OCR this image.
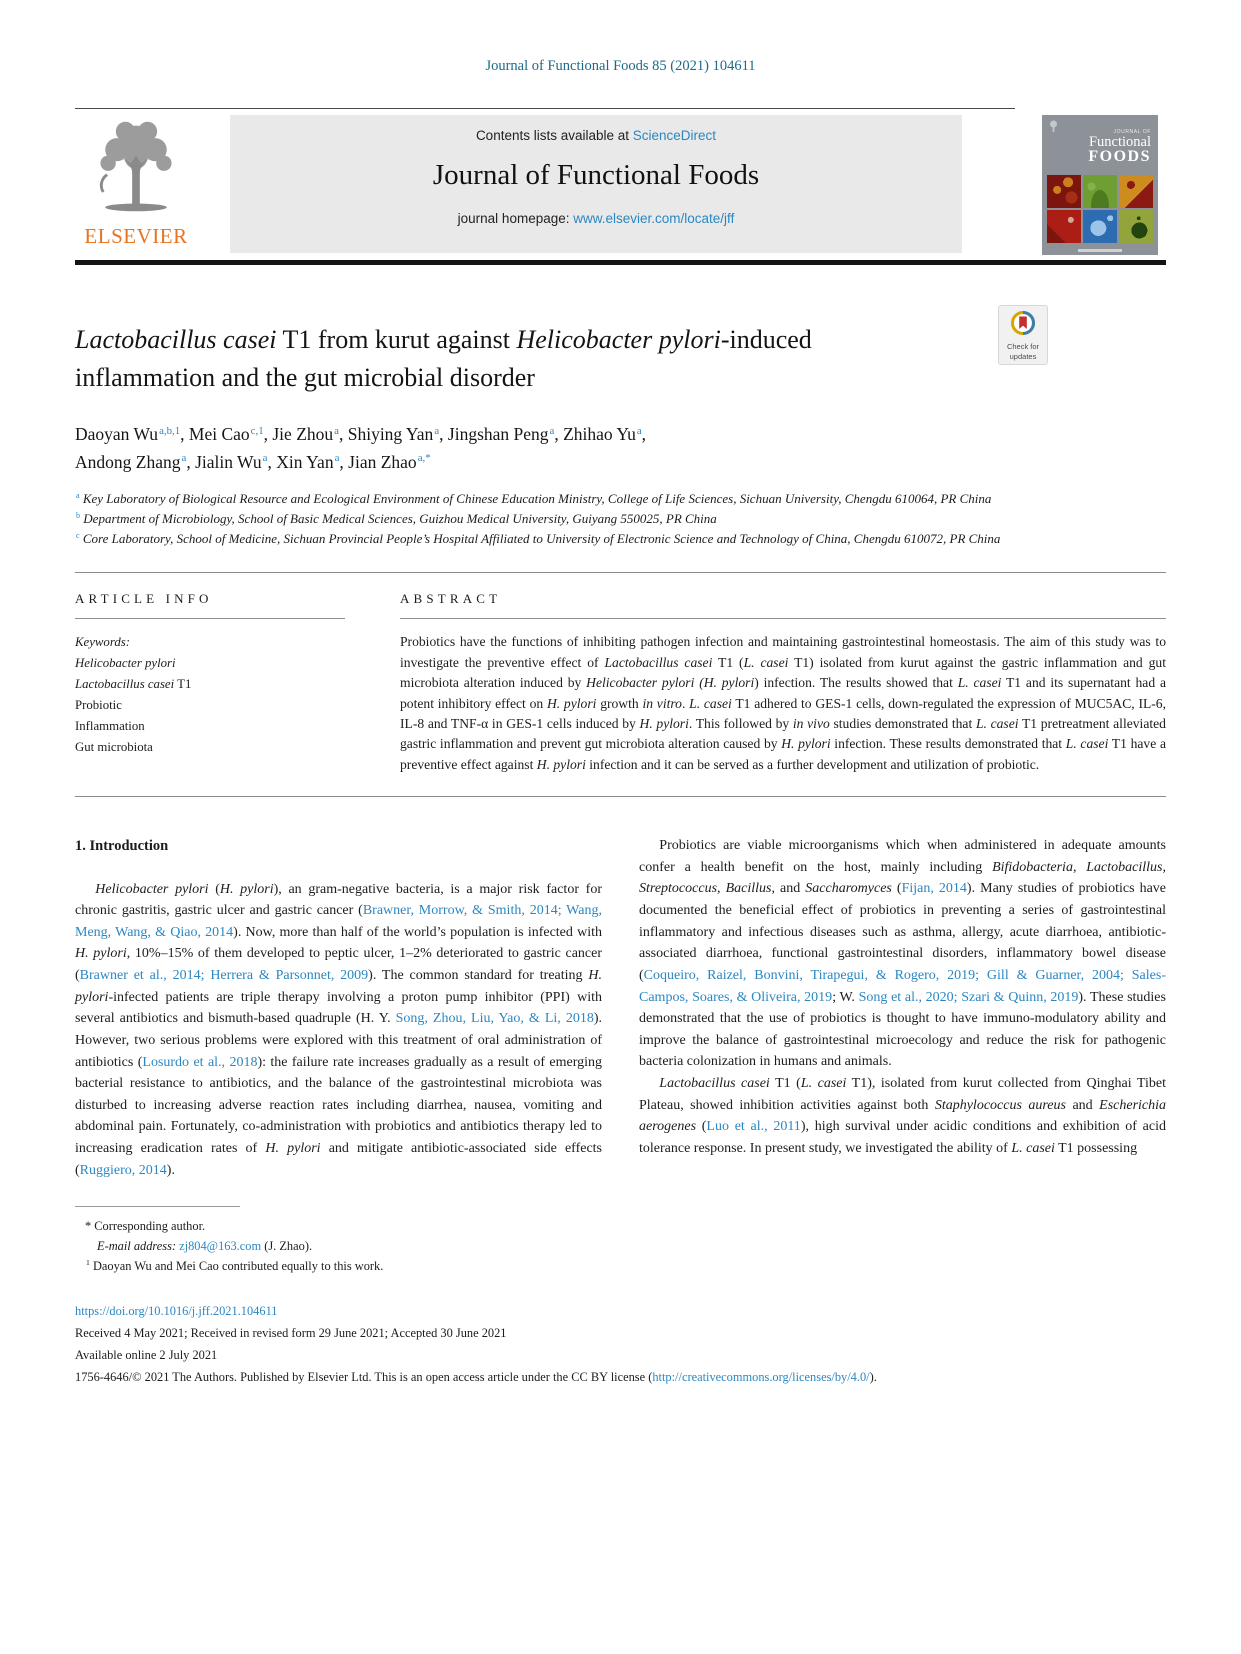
Journal of Functional Foods 85 (2021) 104611
ELSEVIER
Contents lists available at ScienceDirect
Journal of Functional Foods
journal homepage: www.elsevier.com/locate/jff
JOURNAL OF
Functional
FOODS
Lactobacillus casei T1 from kurut against Helicobacter pylori-induced inflammation and the gut microbial disorder
Check for
updates
Daoyan Wu$^{a,b,1}$, Mei Cao$^{c,1}$, Jie Zhou$^a$, Shiying Yan$^a$, Jingshan Peng$^a$, Zhihao Yu$^a$,
Andong Zhang$^a$, Jialin Wu$^a$, Xin Yan$^a$, Jian Zhao$^{a,*}$
$^a$ Key Laboratory of Biological Resource and Ecological Environment of Chinese Education Ministry, College of Life Sciences, Sichuan University, Chengdu 610064, PR China
$^b$ Department of Microbiology, School of Basic Medical Sciences, Guizhou Medical University, Guiyang 550025, PR China
$^c$ Core Laboratory, School of Medicine, Sichuan Provincial People’s Hospital Affiliated to University of Electronic Science and Technology of China, Chengdu 610072, PR China
ARTICLE INFO
Keywords:
Helicobacter pylori
Lactobacillus casei T1
Probiotic
Inflammation
Gut microbiota
ABSTRACT
Probiotics have the functions of inhibiting pathogen infection and maintaining gastrointestinal homeostasis. The aim of this study was to investigate the preventive effect of Lactobacillus casei T1 (L. casei T1) isolated from kurut against the gastric inflammation and gut microbiota alteration induced by Helicobacter pylori (H. pylori) infection. The results showed that L. casei T1 and its supernatant had a potent inhibitory effect on H. pylori growth in vitro. L. casei T1 adhered to GES-1 cells, down-regulated the expression of MUC5AC, IL-6, IL-8 and TNF-α in GES-1 cells induced by H. pylori. This followed by in vivo studies demonstrated that L. casei T1 pretreatment alleviated gastric inflammation and prevent gut microbiota alteration caused by H. pylori infection. These results demonstrated that L. casei T1 have a preventive effect against H. pylori infection and it can be served as a further development and utilization of probiotic.
1. Introduction

Helicobacter pylori (H. pylori), an gram-negative bacteria, is a major risk factor for chronic gastritis, gastric ulcer and gastric cancer (Brawner, Morrow, & Smith, 2014; Wang, Meng, Wang, & Qiao, 2014). Now, more than half of the world’s population is infected with H. pylori, 10%–15% of them developed to peptic ulcer, 1–2% deteriorated to gastric cancer (Brawner et al., 2014; Herrera & Parsonnet, 2009). The common standard for treating H. pylori-infected patients are triple therapy involving a proton pump inhibitor (PPI) with several antibiotics and bismuth-based quadruple (H. Y. Song, Zhou, Liu, Yao, & Li, 2018). However, two serious problems were explored with this treatment of oral administration of antibiotics (Losurdo et al., 2018): the failure rate increases gradually as a result of emerging bacterial resistance to antibiotics, and the balance of the gastrointestinal microbiota was disturbed to increasing adverse reaction rates including diarrhea, nausea, vomiting and abdominal pain. Fortunately, co-administration with probiotics and antibiotics therapy led to increasing eradication rates of H. pylori and mitigate antibiotic-associated side effects (Ruggiero, 2014).

* Corresponding author.

E-mail address: zj804@163.com (J. Zhao).

$^1$ Daoyan Wu and Mei Cao contributed equally to this work.

Probiotics are viable microorganisms which when administered in adequate amounts confer a health benefit on the host, mainly including Bifidobacteria, Lactobacillus, Streptococcus, Bacillus, and Saccharomyces (Fijan, 2014). Many studies of probiotics have documented the beneficial effect of probiotics in preventing a series of gastrointestinal inflammatory and infectious diseases such as asthma, allergy, acute diarrhoea, antibiotic-associated diarrhoea, functional gastrointestinal disorders, inflammatory bowel disease (Coqueiro, Raizel, Bonvini, Tirapegui, & Rogero, 2019; Gill & Guarner, 2004; Sales-Campos, Soares, & Oliveira, 2019; W. Song et al., 2020; Szari & Quinn, 2019). These studies demonstrated that the use of probiotics is thought to have immuno-modulatory ability and improve the balance of gastrointestinal microecology and reduce the risk for pathogenic bacteria colonization in humans and animals.

Lactobacillus casei T1 (L. casei T1), isolated from kurut collected from Qinghai Tibet Plateau, showed inhibition activities against both Staphylococcus aureus and Escherichia aerogenes (Luo et al., 2011), high survival under acidic conditions and exhibition of acid tolerance response. In present study, we investigated the ability of L. casei T1 possessing

https://doi.org/10.1016/j.jff.2021.104611

Received 4 May 2021; Received in revised form 29 June 2021; Accepted 30 June 2021

Available online 2 July 2021

1756-4646/© 2021 The Authors. Published by Elsevier Ltd. This is an open access article under the CC BY license (http://creativecommons.org/licenses/by/4.0/).
